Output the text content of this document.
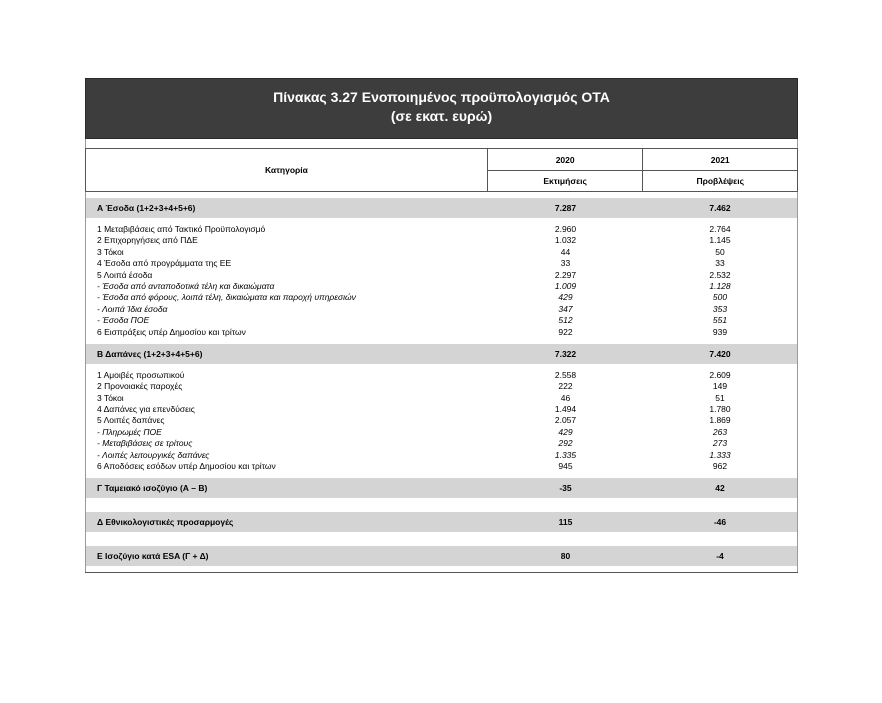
Πίνακας 3.27 Ενοποιημένος προϋπολογισμός ΟΤΑ
(σε εκατ. ευρώ)
Κατηγορία
2020
Εκτιμήσεις
2021
Προβλέψεις
Α Έσοδα (1+2+3+4+5+6)	7.287	7.462
1 Μεταβιβάσεις από Τακτικό Προϋπολογισμό	2.960	2.764
2 Επιχορηγήσεις από ΠΔΕ	1.032	1.145
3 Τόκοι	44	50
4 Έσοδα από προγράμματα της ΕΕ	33	33
5 Λοιπά έσοδα	2.297	2.532
- Έσοδα από ανταποδοτικά τέλη και δικαιώματα	1.009	1.128
- Έσοδα από φόρους, λοιπά τέλη, δικαιώματα και παροχή υπηρεσιών	429	500
- Λοιπά Ίδια έσοδα	347	353
- Έσοδα ΠΟΕ	512	551
6 Εισπράξεις υπέρ Δημοσίου και τρίτων	922	939
Β Δαπάνες (1+2+3+4+5+6)	7.322	7.420
1 Αμοιβές προσωπικού	2.558	2.609
2 Προνοιακές παροχές	222	149
3 Τόκοι	46	51
4 Δαπάνες για επενδύσεις	1.494	1.780
5 Λοιπές δαπάνες	2.057	1.869
- Πληρωμές ΠΟΕ	429	263
- Μεταβιβάσεις σε τρίτους	292	273
- Λοιπές λειτουργικές δαπάνες	1.335	1.333
6 Αποδόσεις εσόδων υπέρ Δημοσίου και τρίτων	945	962
Γ Ταμειακό ισοζύγιο (Α – Β)	-35	42
Δ Εθνικολογιστικές προσαρμογές	115	-46
Ε Ισοζύγιο κατά ESA (Γ + Δ)	80	-4
